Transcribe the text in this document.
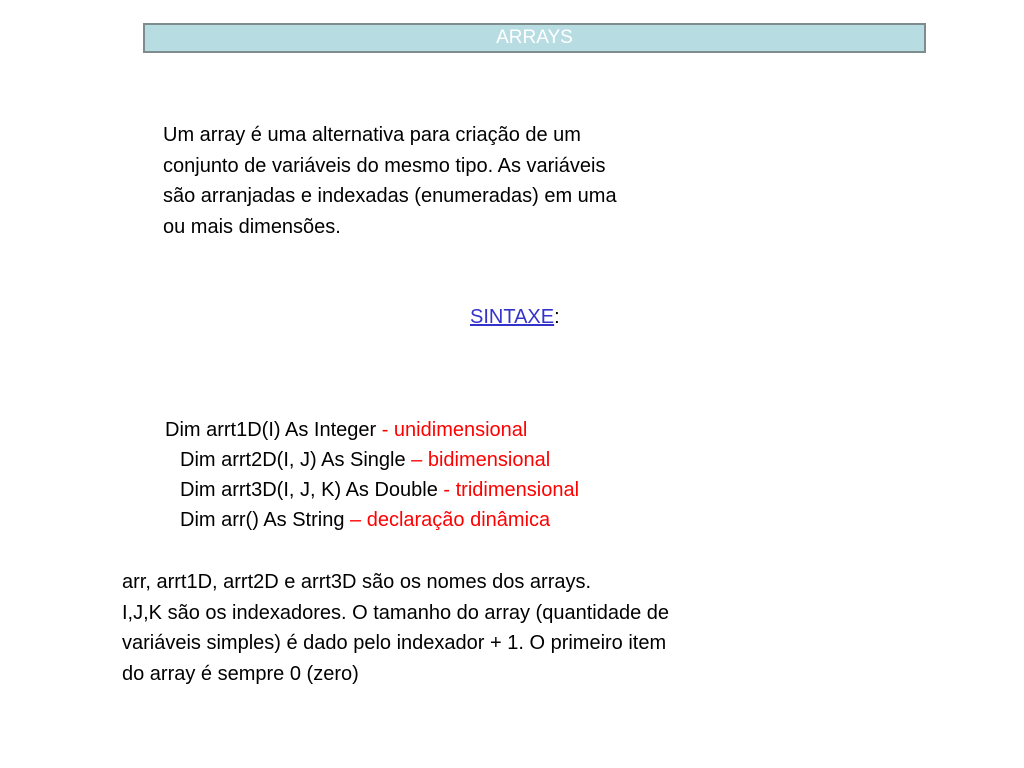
ARRAYS
Um array é uma alternativa para criação de um
conjunto de variáveis do mesmo tipo. As variáveis
são arranjadas e indexadas (enumeradas) em uma
ou mais dimensões.
SINTAXE:
Dim arrt1D(I) As Integer - unidimensional
Dim arrt2D(I, J) As Single – bidimensional
Dim arrt3D(I, J, K) As Double - tridimensional
Dim arr() As String – declaração dinâmica
arr, arrt1D, arrt2D e arrt3D são os nomes dos arrays.
I,J,K são os indexadores. O tamanho do array (quantidade de
variáveis simples) é dado pelo indexador + 1. O primeiro item
do array é sempre 0 (zero)
